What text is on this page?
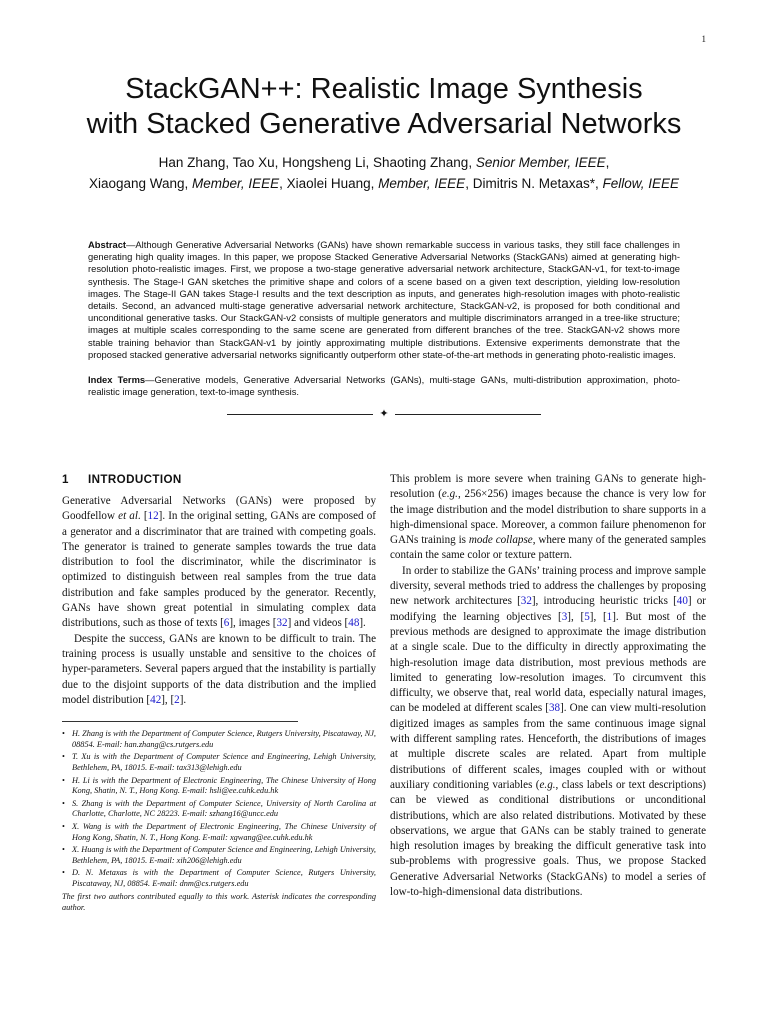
1
StackGAN++: Realistic Image Synthesis
with Stacked Generative Adversarial Networks
Han Zhang, Tao Xu, Hongsheng Li, Shaoting Zhang, Senior Member, IEEE,
Xiaogang Wang, Member, IEEE, Xiaolei Huang, Member, IEEE, Dimitris N. Metaxas*, Fellow, IEEE

Abstract—Although Generative Adversarial Networks (GANs) have shown remarkable success in various tasks, they still face challenges in generating high quality images. In this paper, we propose Stacked Generative Adversarial Networks (StackGANs) aimed at generating high-resolution photo-realistic images. First, we propose a two-stage generative adversarial network architecture, StackGAN-v1, for text-to-image synthesis. The Stage-I GAN sketches the primitive shape and colors of a scene based on a given text description, yielding low-resolution images. The Stage-II GAN takes Stage-I results and the text description as inputs, and generates high-resolution images with photo-realistic details. Second, an advanced multi-stage generative adversarial network architecture, StackGAN-v2, is proposed for both conditional and unconditional generative tasks. Our StackGAN-v2 consists of multiple generators and multiple discriminators arranged in a tree-like structure; images at multiple scales corresponding to the same scene are generated from different branches of the tree. StackGAN-v2 shows more stable training behavior than StackGAN-v1 by jointly approximating multiple distributions. Extensive experiments demonstrate that the proposed stacked generative adversarial networks significantly outperform other state-of-the-art methods in generating photo-realistic images.

Index Terms—Generative models, Generative Adversarial Networks (GANs), multi-stage GANs, multi-distribution approximation, photo-realistic image generation, text-to-image synthesis.

✦
1 INTRODUCTION

Generative Adversarial Networks (GANs) were proposed by Goodfellow et al. [12]. In the original setting, GANs are composed of a generator and a discriminator that are trained with competing goals. The generator is trained to generate samples towards the true data distribution to fool the discriminator, while the discriminator is optimized to distinguish between real samples from the true data distribution and fake samples produced by the generator. Recently, GANs have shown great potential in simulating complex data distributions, such as those of texts [6], images [32] and videos [48].

Despite the success, GANs are known to be difficult to train. The training process is usually unstable and sensitive to the choices of hyper-parameters. Several papers argued that the instability is partially due to the disjoint supports of the data distribution and the implied model distribution [42], [2].

• H. Zhang is with the Department of Computer Science, Rutgers University, Piscataway, NJ, 08854. E-mail: han.zhang@cs.rutgers.edu
• T. Xu is with the Department of Computer Science and Engineering, Lehigh University, Bethlehem, PA, 18015. E-mail: tax313@lehigh.edu
• H. Li is with the Department of Electronic Engineering, The Chinese University of Hong Kong, Shatin, N. T., Hong Kong. E-mail: hsli@ee.cuhk.edu.hk
• S. Zhang is with the Department of Computer Science, University of North Carolina at Charlotte, Charlotte, NC 28223. E-mail: szhang16@uncc.edu
• X. Wang is with the Department of Electronic Engineering, The Chinese University of Hong Kong, Shatin, N. T., Hong Kong. E-mail: xgwang@ee.cuhk.edu.hk
• X. Huang is with the Department of Computer Science and Engineering, Lehigh University, Bethlehem, PA, 18015. E-mail: xih206@lehigh.edu
• D. N. Metaxas is with the Department of Computer Science, Rutgers University, Piscataway, NJ, 08854. E-mail: dnm@cs.rutgers.edu

The first two authors contributed equally to this work. Asterisk indicates the corresponding author.

This problem is more severe when training GANs to generate high-resolution (e.g., 256×256) images because the chance is very low for the image distribution and the model distribution to share supports in a high-dimensional space. Moreover, a common failure phenomenon for GANs training is mode collapse, where many of the generated samples contain the same color or texture pattern.

In order to stabilize the GANs’ training process and improve sample diversity, several methods tried to address the challenges by proposing new network architectures [32], introducing heuristic tricks [40] or modifying the learning objectives [3], [5], [1]. But most of the previous methods are designed to approximate the image distribution at a single scale. Due to the difficulty in directly approximating the high-resolution image data distribution, most previous methods are limited to generating low-resolution images. To circumvent this difficulty, we observe that, real world data, especially natural images, can be modeled at different scales [38]. One can view multi-resolution digitized images as samples from the same continuous image signal with different sampling rates. Henceforth, the distributions of images at multiple discrete scales are related. Apart from multiple distributions of different scales, images coupled with or without auxiliary conditioning variables (e.g., class labels or text descriptions) can be viewed as conditional distributions or unconditional distributions, which are also related distributions. Motivated by these observations, we argue that GANs can be stably trained to generate high resolution images by breaking the difficult generative task into sub-problems with progressive goals. Thus, we propose Stacked Generative Adversarial Networks (StackGANs) to model a series of low-to-high-dimensional data distributions.
